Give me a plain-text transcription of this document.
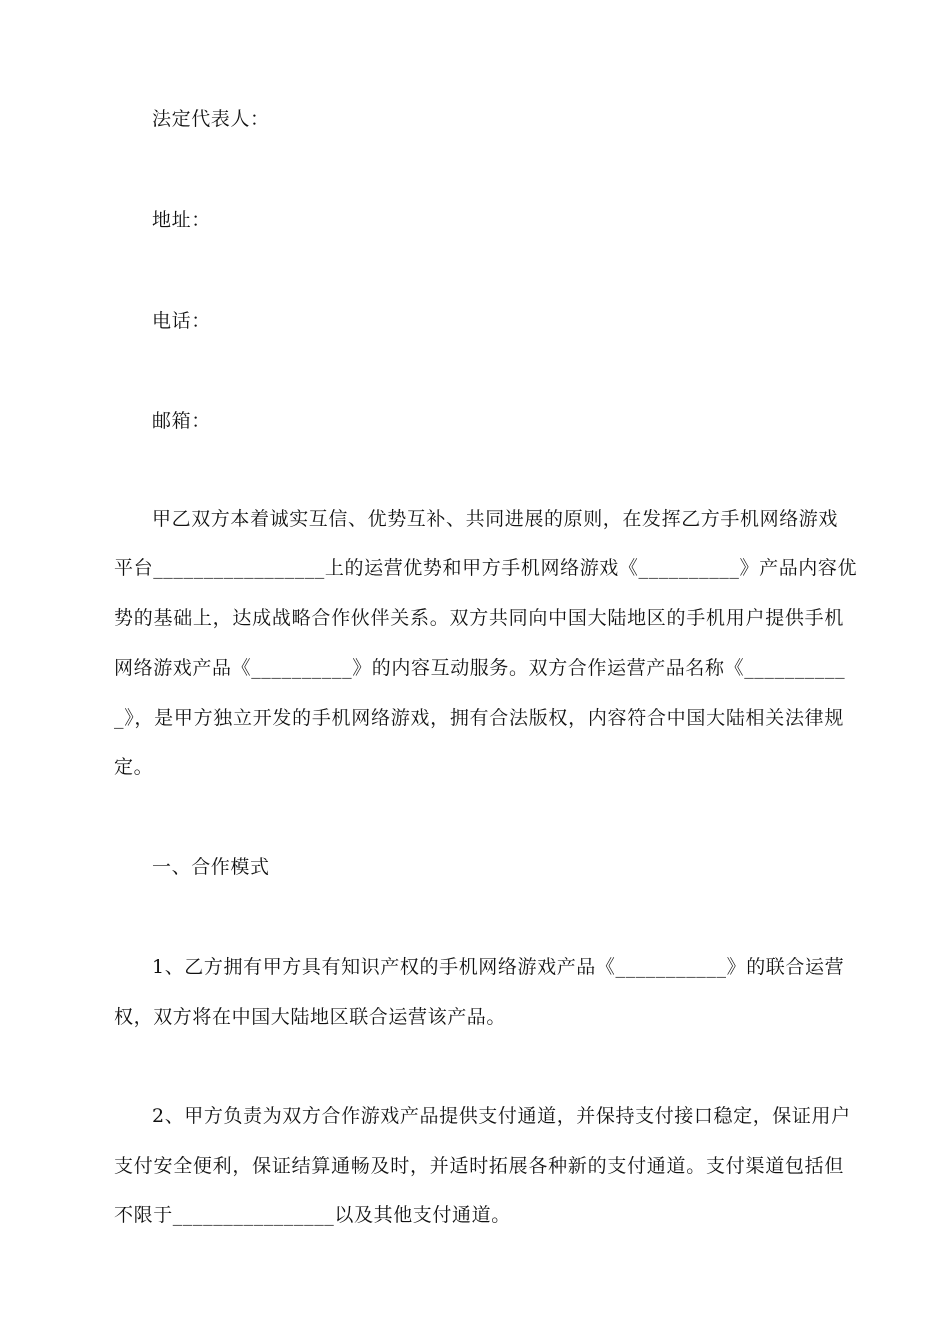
法定代表人：
地址：
电话：
邮箱：
甲乙双方本着诚实互信、优势互补、共同进展的原则，在发挥乙方手机网络游戏
平台_________________上的运营优势和甲方手机网络游戏《__________》产品内容优
势的基础上，达成战略合作伙伴关系。双方共同向中国大陆地区的手机用户提供手机
网络游戏产品《__________》的内容互动服务。双方合作运营产品名称《__________
_》，是甲方独立开发的手机网络游戏，拥有合法版权，内容符合中国大陆相关法律规
定。
一、合作模式
1、乙方拥有甲方具有知识产权的手机网络游戏产品《___________》的联合运营
权，双方将在中国大陆地区联合运营该产品。
2、甲方负责为双方合作游戏产品提供支付通道，并保持支付接口稳定，保证用户
支付安全便利，保证结算通畅及时，并适时拓展各种新的支付通道。支付渠道包括但
不限于________________以及其他支付通道。
